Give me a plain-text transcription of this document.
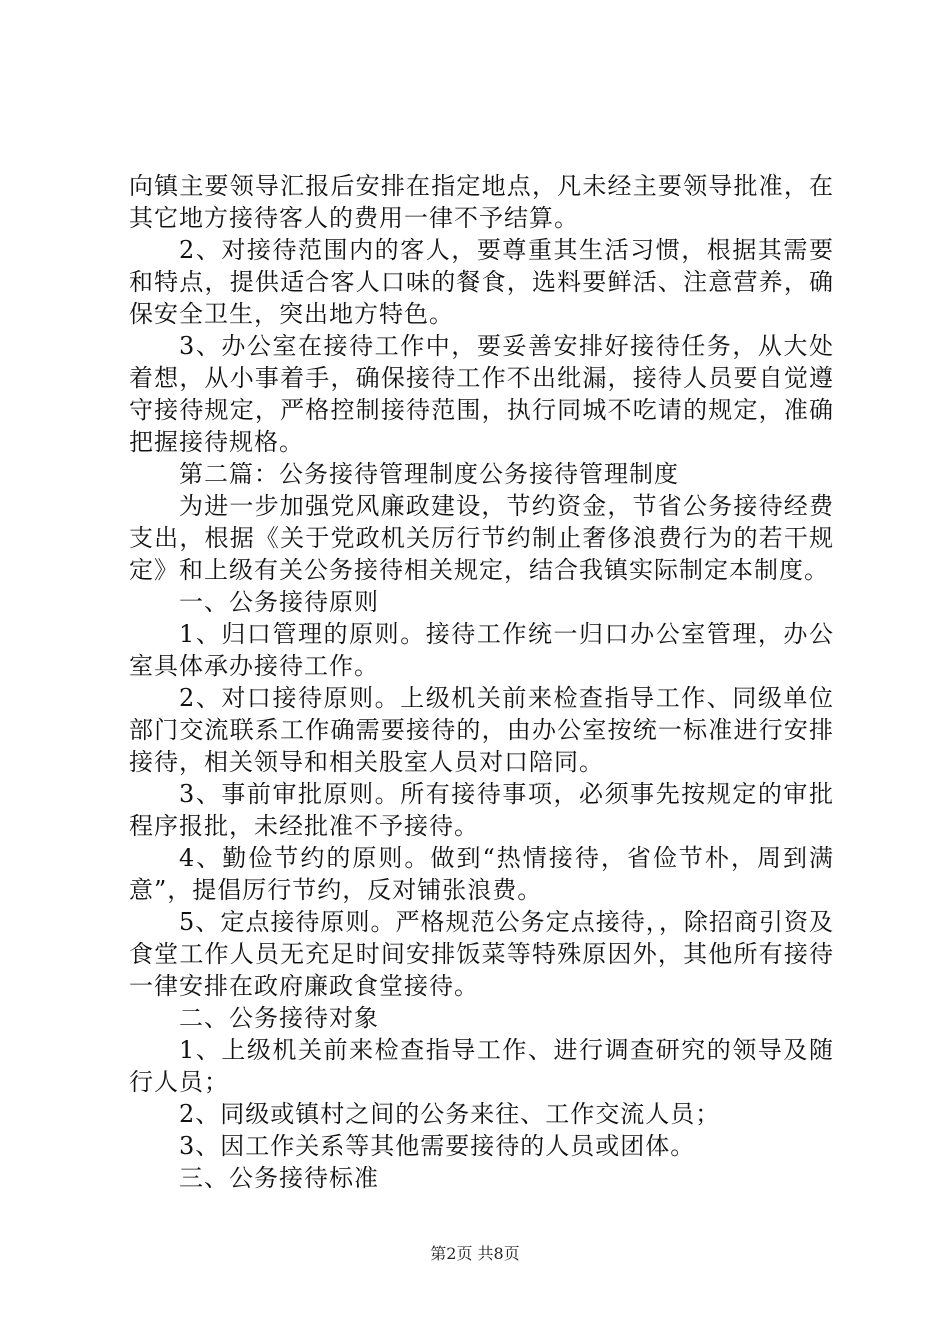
向镇主要领导汇报后安排在指定地点，凡未经主要领导批准，在其它地方接待客人的费用一律不予结算。

2、对接待范围内的客人，要尊重其生活习惯，根据其需要和特点，提供适合客人口味的餐食，选料要鲜活、注意营养，确保安全卫生，突出地方特色。

3、办公室在接待工作中，要妥善安排好接待任务，从大处着想，从小事着手，确保接待工作不出纰漏，接待人员要自觉遵守接待规定，严格控制接待范围，执行同城不吃请的规定，准确把握接待规格。

第二篇：公务接待管理制度公务接待管理制度

为进一步加强党风廉政建设，节约资金，节省公务接待经费支出，根据《关于党政机关厉行节约制止奢侈浪费行为的若干规定》和上级有关公务接待相关规定，结合我镇实际制定本制度。

一、公务接待原则

1、归口管理的原则。接待工作统一归口办公室管理，办公室具体承办接待工作。

2、对口接待原则。上级机关前来检查指导工作、同级单位部门交流联系工作确需要接待的，由办公室按统一标准进行安排接待，相关领导和相关股室人员对口陪同。

3、事前审批原则。所有接待事项，必须事先按规定的审批程序报批，未经批准不予接待。

4、勤俭节约的原则。做到“热情接待，省俭节朴，周到满意”，提倡厉行节约，反对铺张浪费。

5、定点接待原则。严格规范公务定点接待，，除招商引资及食堂工作人员无充足时间安排饭菜等特殊原因外，其他所有接待一律安排在政府廉政食堂接待。

二、公务接待对象

1、上级机关前来检查指导工作、进行调查研究的领导及随行人员；

2、同级或镇村之间的公务来往、工作交流人员；

3、因工作关系等其他需要接待的人员或团体。

三、公务接待标准

第2页 共8页
